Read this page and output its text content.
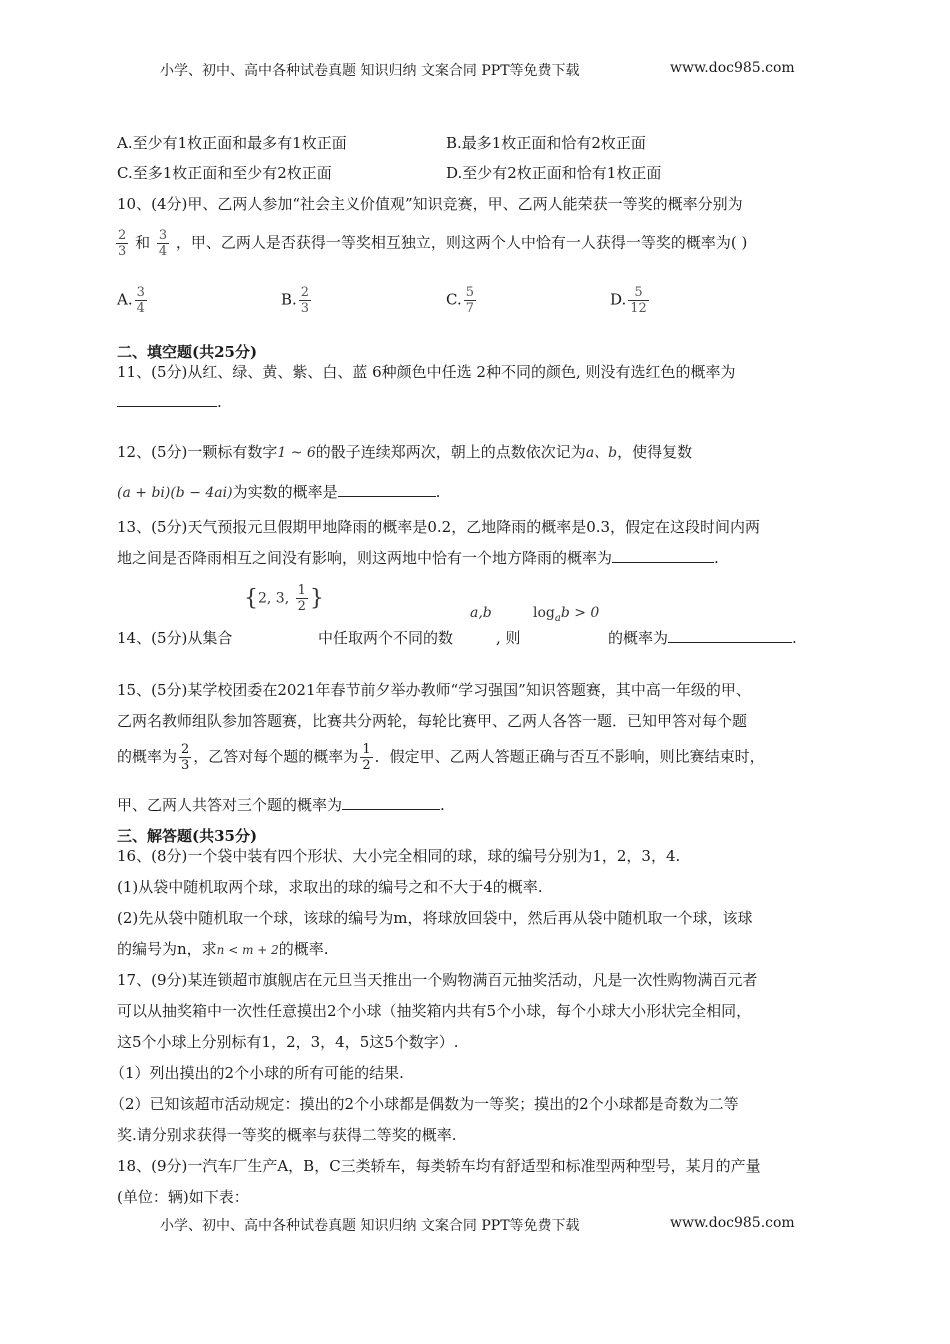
小学、初中、高中各种试卷真题 知识归纳 文案合同 PPT等免费下载	www.doc985.com
A.至少有1枚正面和最多有1枚正面	B.最多1枚正面和恰有2枚正面
C.至多1枚正面和至少有2枚正面	D.至少有2枚正面和恰有1枚正面
10、(4分)甲、乙两人参加“社会主义价值观”知识竞赛，甲、乙两人能荣获一等奖的概率分别为
$\frac{2}{3}$ 和 $\frac{3}{4}$ ，甲、乙两人是否获得一等奖相互独立，则这两个人中恰有一人获得一等奖的概率为( )
A. $\frac{3}{4}$	B. $\frac{2}{3}$	C. $\frac{5}{7}$	D. $\frac{5}{12}$
二、填空题(共25分)
11、(5分)从红、绿、黄、紫、白、蓝 6种颜色中任选 2种不同的颜色, 则没有选红色的概率为
.
12、(5分)一颗标有数字1 ~ 6的骰子连续郑两次，朝上的点数依次记为a、b，使得复数
(a + bi)(b − 4ai)为实数的概率是	.
13、(5分)天气预报元旦假期甲地降雨的概率是0.2，乙地降雨的概率是0.3，假定在这段时间内两
地之间是否降雨相互之间没有影响，则这两地中恰有一个地方降雨的概率为	.
{2, 3, $\frac{1}{2}$ }
a,b	$\log_ab > 0$
14、(5分)从集合	中任取两个不同的数	, 则	的概率为	.
15、(5分)某学校团委在2021年春节前夕举办教师“学习强国”知识答题赛，其中高一年级的甲、
乙两名教师组队参加答题赛，比赛共分两轮，每轮比赛甲、乙两人各答一题．已知甲答对每个题
的概率为 $\frac{2}{3}$ ，乙答对每个题的概率为 $\frac{1}{2}$ ．假定甲、乙两人答题正确与否互不影响，则比赛结束时，
甲、乙两人共答对三个题的概率为	.
三、解答题(共35分)
16、(8分)一个袋中装有四个形状、大小完全相同的球，球的编号分别为1，2，3，4.
(1)从袋中随机取两个球，求取出的球的编号之和不大于4的概率.
(2)先从袋中随机取一个球，该球的编号为m，将球放回袋中，然后再从袋中随机取一个球，该球
的编号为n，求n < m + 2的概率.
17、(9分)某连锁超市旗舰店在元旦当天推出一个购物满百元抽奖活动，凡是一次性购物满百元者
可以从抽奖箱中一次性任意摸出2个小球（抽奖箱内共有5个小球，每个小球大小形状完全相同，
这5个小球上分别标有1，2，3，4，5这5个数字）.
（1）列出摸出的2个小球的所有可能的结果.
（2）已知该超市活动规定：摸出的2个小球都是偶数为一等奖；摸出的2个小球都是奇数为二等
奖.请分别求获得一等奖的概率与获得二等奖的概率.
18、(9分)一汽车厂生产A，B，C三类轿车，每类轿车均有舒适型和标准型两种型号，某月的产量
(单位：辆)如下表：
小学、初中、高中各种试卷真题 知识归纳 文案合同 PPT等免费下载	www.doc985.com
